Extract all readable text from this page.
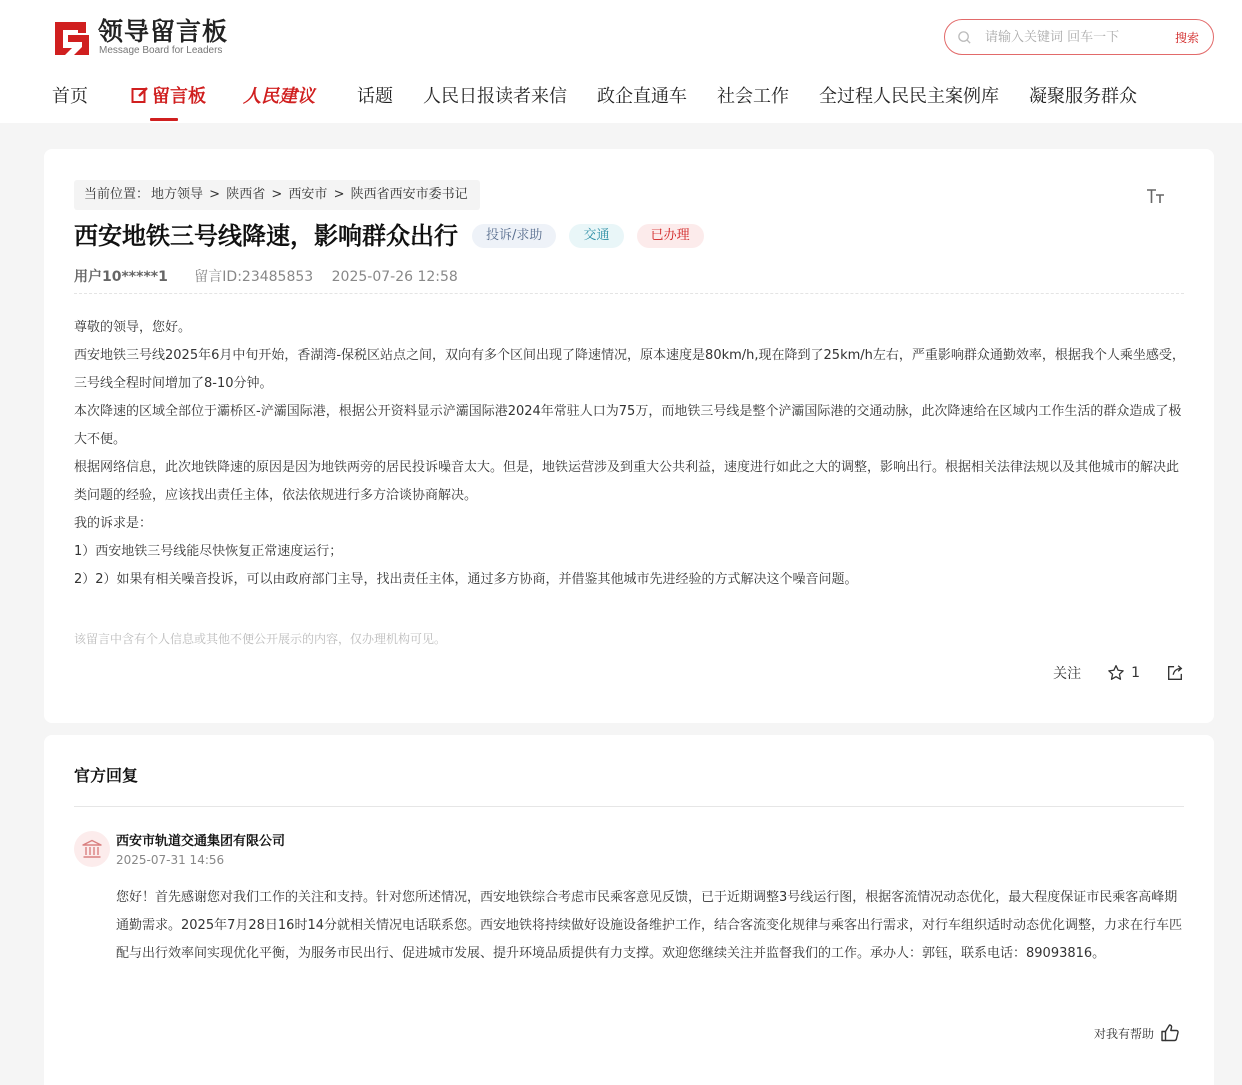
领导留言板
Message Board for Leaders
请输入关键词 回车一下
搜索
首页	留言板 人民建议 话题 人民日报读者来信 政企直通车 社会工作 全过程人民民主案例库 凝聚服务群众
当前位置： 地方领导 > 陕西省 > 西安市 > 陕西省西安市委书记
西安地铁三号线降速，影响群众出行	投诉/求助	交通	已办理
用户10*****1 留言ID:23485853 2025-07-26 12:58

尊敬的领导，您好。

西安地铁三号线2025年6月中旬开始，香湖湾-保税区站点之间，双向有多个区间出现了降速情况，原本速度是80km/h,现在降到了25km/h左右，严重影响群众通勤效率，根据我个人乘坐感受，三号线全程时间增加了8-10分钟。

本次降速的区域全部位于灞桥区-浐灞国际港，根据公开资料显示浐灞国际港2024年常驻人口为75万，而地铁三号线是整个浐灞国际港的交通动脉，此次降速给在区域内工作生活的群众造成了极大不便。

根据网络信息，此次地铁降速的原因是因为地铁两旁的居民投诉噪音太大。但是，地铁运营涉及到重大公共利益，速度进行如此之大的调整，影响出行。根据相关法律法规以及其他城市的解决此类问题的经验，应该找出责任主体，依法依规进行多方洽谈协商解决。

我的诉求是：

1）西安地铁三号线能尽快恢复正常速度运行；

2）2）如果有相关噪音投诉，可以由政府部门主导，找出责任主体，通过多方协商，并借鉴其他城市先进经验的方式解决这个噪音问题。

该留言中含有个人信息或其他不便公开展示的内容，仅办理机构可见。
关注	1
官方回复
西安市轨道交通集团有限公司
2025-07-31 14:56
您好！首先感谢您对我们工作的关注和支持。针对您所述情况，西安地铁综合考虑市民乘客意见反馈，已于近期调整3号线运行图，根据客流情况动态优化，最大程度保证市民乘客高峰期通勤需求。2025年7月28日16时14分就相关情况电话联系您。西安地铁将持续做好设施设备维护工作，结合客流变化规律与乘客出行需求，对行车组织适时动态优化调整，力求在行车匹配与出行效率间实现优化平衡，为服务市民出行、促进城市发展、提升环境品质提供有力支撑。欢迎您继续关注并监督我们的工作。承办人：郭钰，联系电话：89093816。
对我有帮助
